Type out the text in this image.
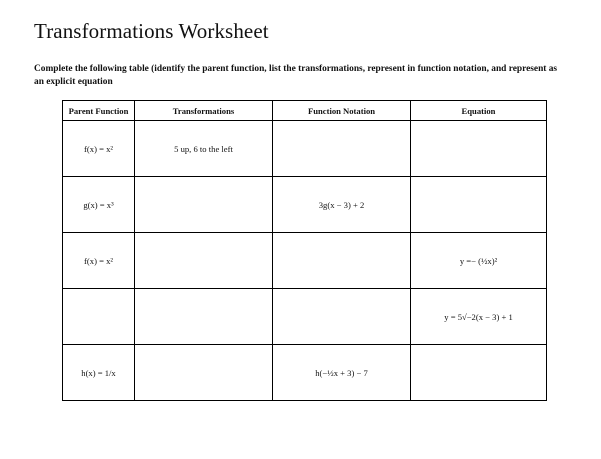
Transformations Worksheet

Complete the following table (identify the parent function, list the transformations, represent in function notation, and represent as an explicit equation

Parent Function	Transformations	Function Notation	Equation
f(x) = x²	5 up, 6 to the left		
g(x) = x³		3g(x − 3) + 2	
f(x) = x²			y =− (½x)²
			y = 5√−2(x − 3) + 1
h(x) = 1/x		h(−½x + 3) − 7	
